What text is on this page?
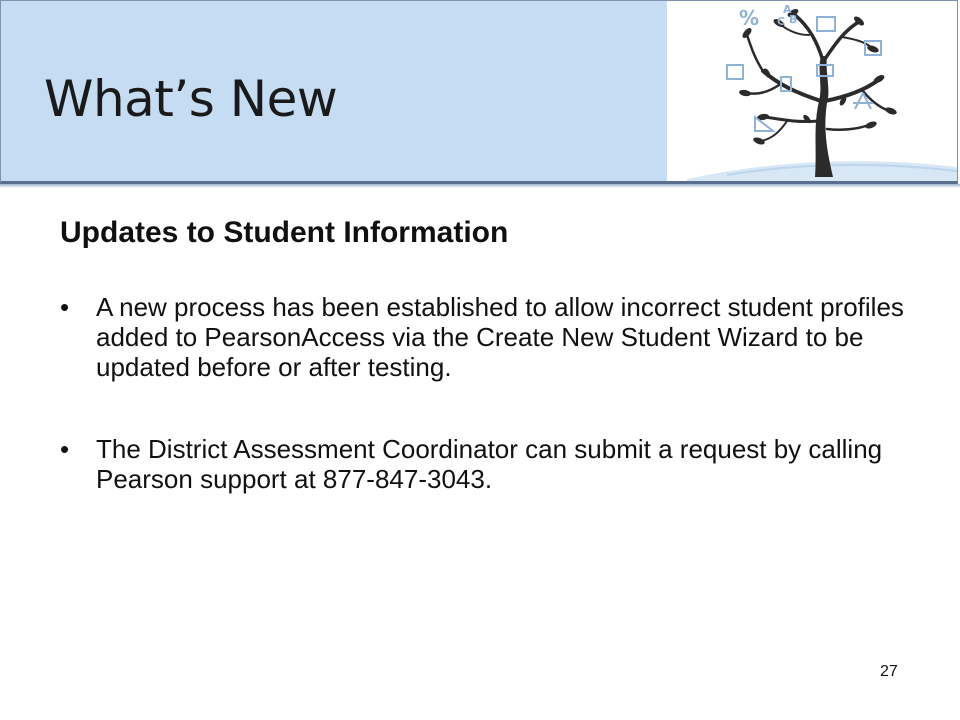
What’s New
% A
C B
Updates to Student Information
• A new process has been established to allow incorrect student profiles added to PearsonAccess via the Create New Student Wizard to be updated before or after testing.
• The District Assessment Coordinator can submit a request by calling Pearson support at 877-847-3043.
27
